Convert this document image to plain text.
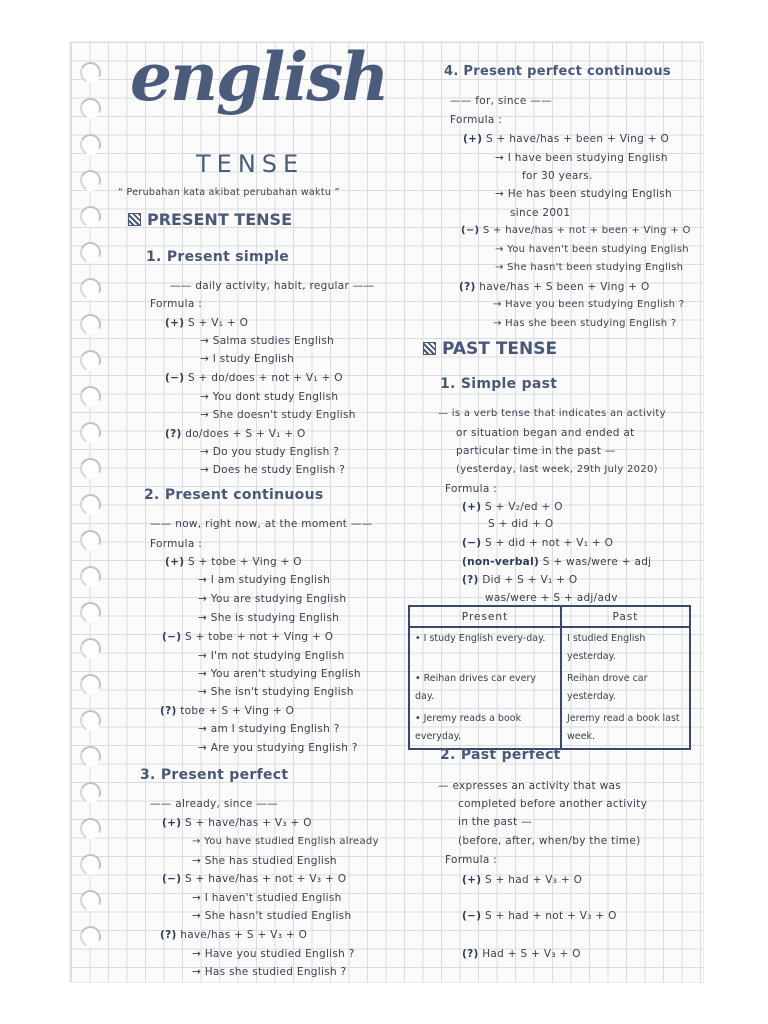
english
TENSE
“ Perubahan kata akibat perubahan waktu ”
PRESENT TENSE
1. Present simple
—— daily activity, habit, regular ——
Formula :
(+) S + V₁ + O
→ Salma studies English
→ I study English
(−) S + do/does + not + V₁ + O
→ You dont study English
→ She doesn't study English
(?) do/does + S + V₁ + O
→ Do you study English ?
→ Does he study English ?
2. Present continuous
—— now, right now, at the moment ——
Formula :
(+) S + tobe + Ving + O
→ I am studying English
→ You are studying English
→ She is studying English
(−) S + tobe + not + Ving + O
→ I'm not studying English
→ You aren't studying English
→ She isn't studying English
(?) tobe + S + Ving + O
→ am I studying English ?
→ Are you studying English ?
3. Present perfect
—— already, since ——
(+) S + have/has + V₃ + O
→ You have studied English already
→ She has studied English
(−) S + have/has + not + V₃ + O
→ I haven't studied English
→ She hasn't studied English
(?) have/has + S + V₃ + O
→ Have you studied English ?
→ Has she studied English ?
4. Present perfect continuous
—— for, since ——
Formula :
(+) S + have/has + been + Ving + O
→ I have been studying English
for 30 years.
→ He has been studying English
since 2001
(−) S + have/has + not + been + Ving + O
→ You haven't been studying English
→ She hasn't been studying English
(?) have/has + S been + Ving + O
→ Have you been studying English ?
→ Has she been studying English ?
PAST TENSE
1. Simple past
— is a verb tense that indicates an activity
or situation began and ended at
particular time in the past —
(yesterday, last week, 29th July 2020)
Formula :
(+) S + V₂/ed + O
S + did + O
(−) S + did + not + V₁ + O
(non-verbal) S + was/were + adj
(?) Did + S + V₁ + O
was/were + S + adj/adv
Present	Past
• I study English every-day.	I studied English yesterday.
• Reihan drives car every day.	Reihan drove car yesterday.
• Jeremy reads a book everyday.	Jeremy read a book last week.
2. Past perfect
— expresses an activity that was
completed before another activity
in the past —
(before, after, when/by the time)
Formula :
(+) S + had + V₃ + O
(−) S + had + not + V₃ + O
(?) Had + S + V₃ + O
